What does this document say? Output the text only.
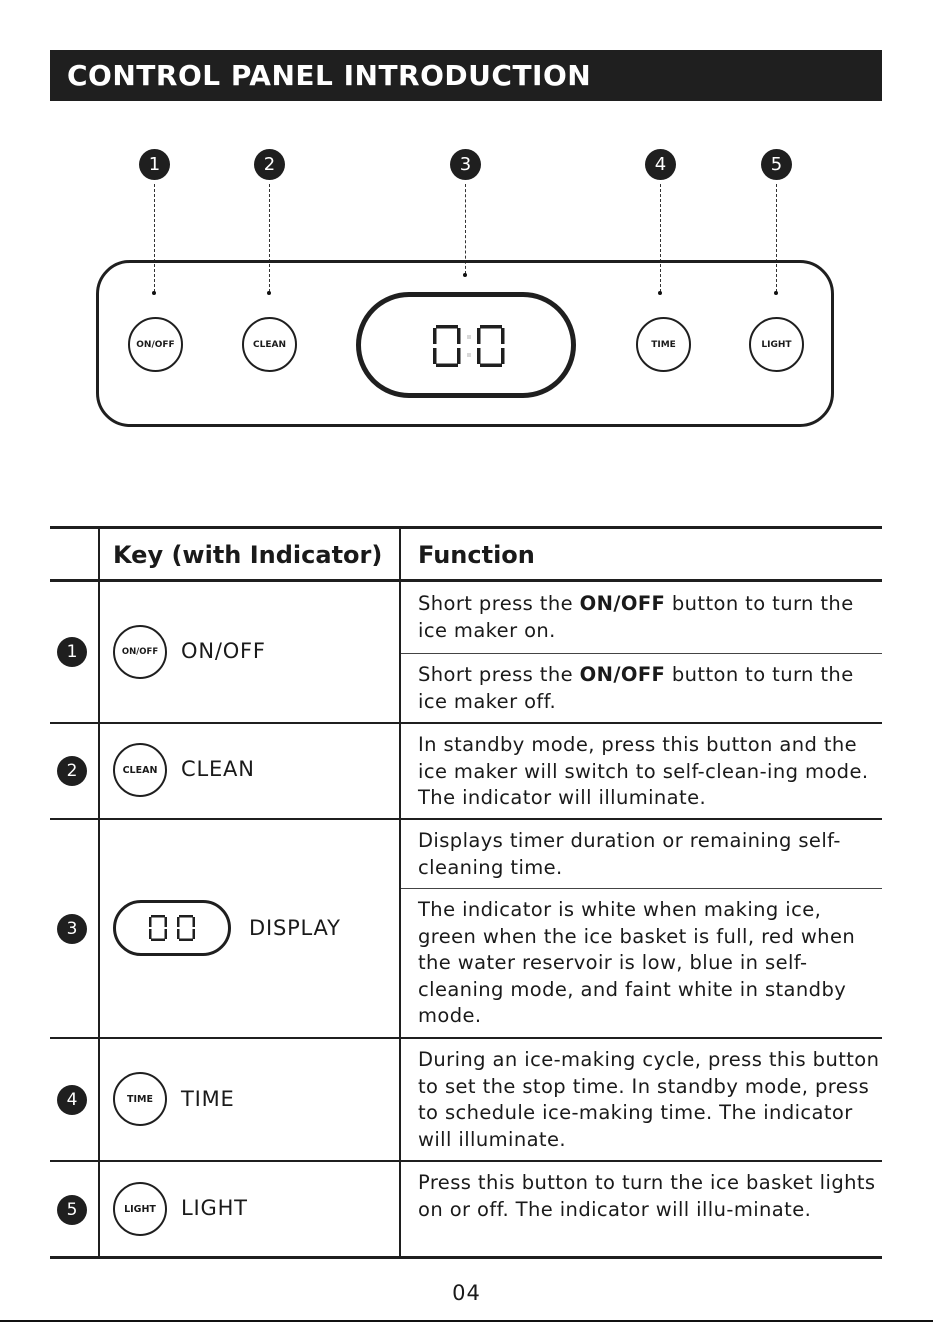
CONTROL PANEL INTRODUCTION
1	2	3	4	5
ON/OFF	CLEAN	TIME	LIGHT
Key (with Indicator) Function
1	ON/OFF	ON/OFF
Short press the ON/OFF button to turn the ice maker on.
Short press the ON/OFF button to turn the ice maker off.
2	CLEAN	CLEAN
In standby mode, press this button and the ice maker will switch to self-clean-ing mode. The indicator will illuminate.
3	DISPLAY
Displays timer duration or remaining self-cleaning time.
The indicator is white when making ice, green when the ice basket is full, red when the water reservoir is low, blue in self-cleaning mode, and faint white in standby mode.
4	TIME	TIME
During an ice-making cycle, press this button to set the stop time. In standby mode, press to schedule ice-making time. The indicator will illuminate.
5	LIGHT	LIGHT
Press this button to turn the ice basket lights on or off. The indicator will illu-minate.
04
